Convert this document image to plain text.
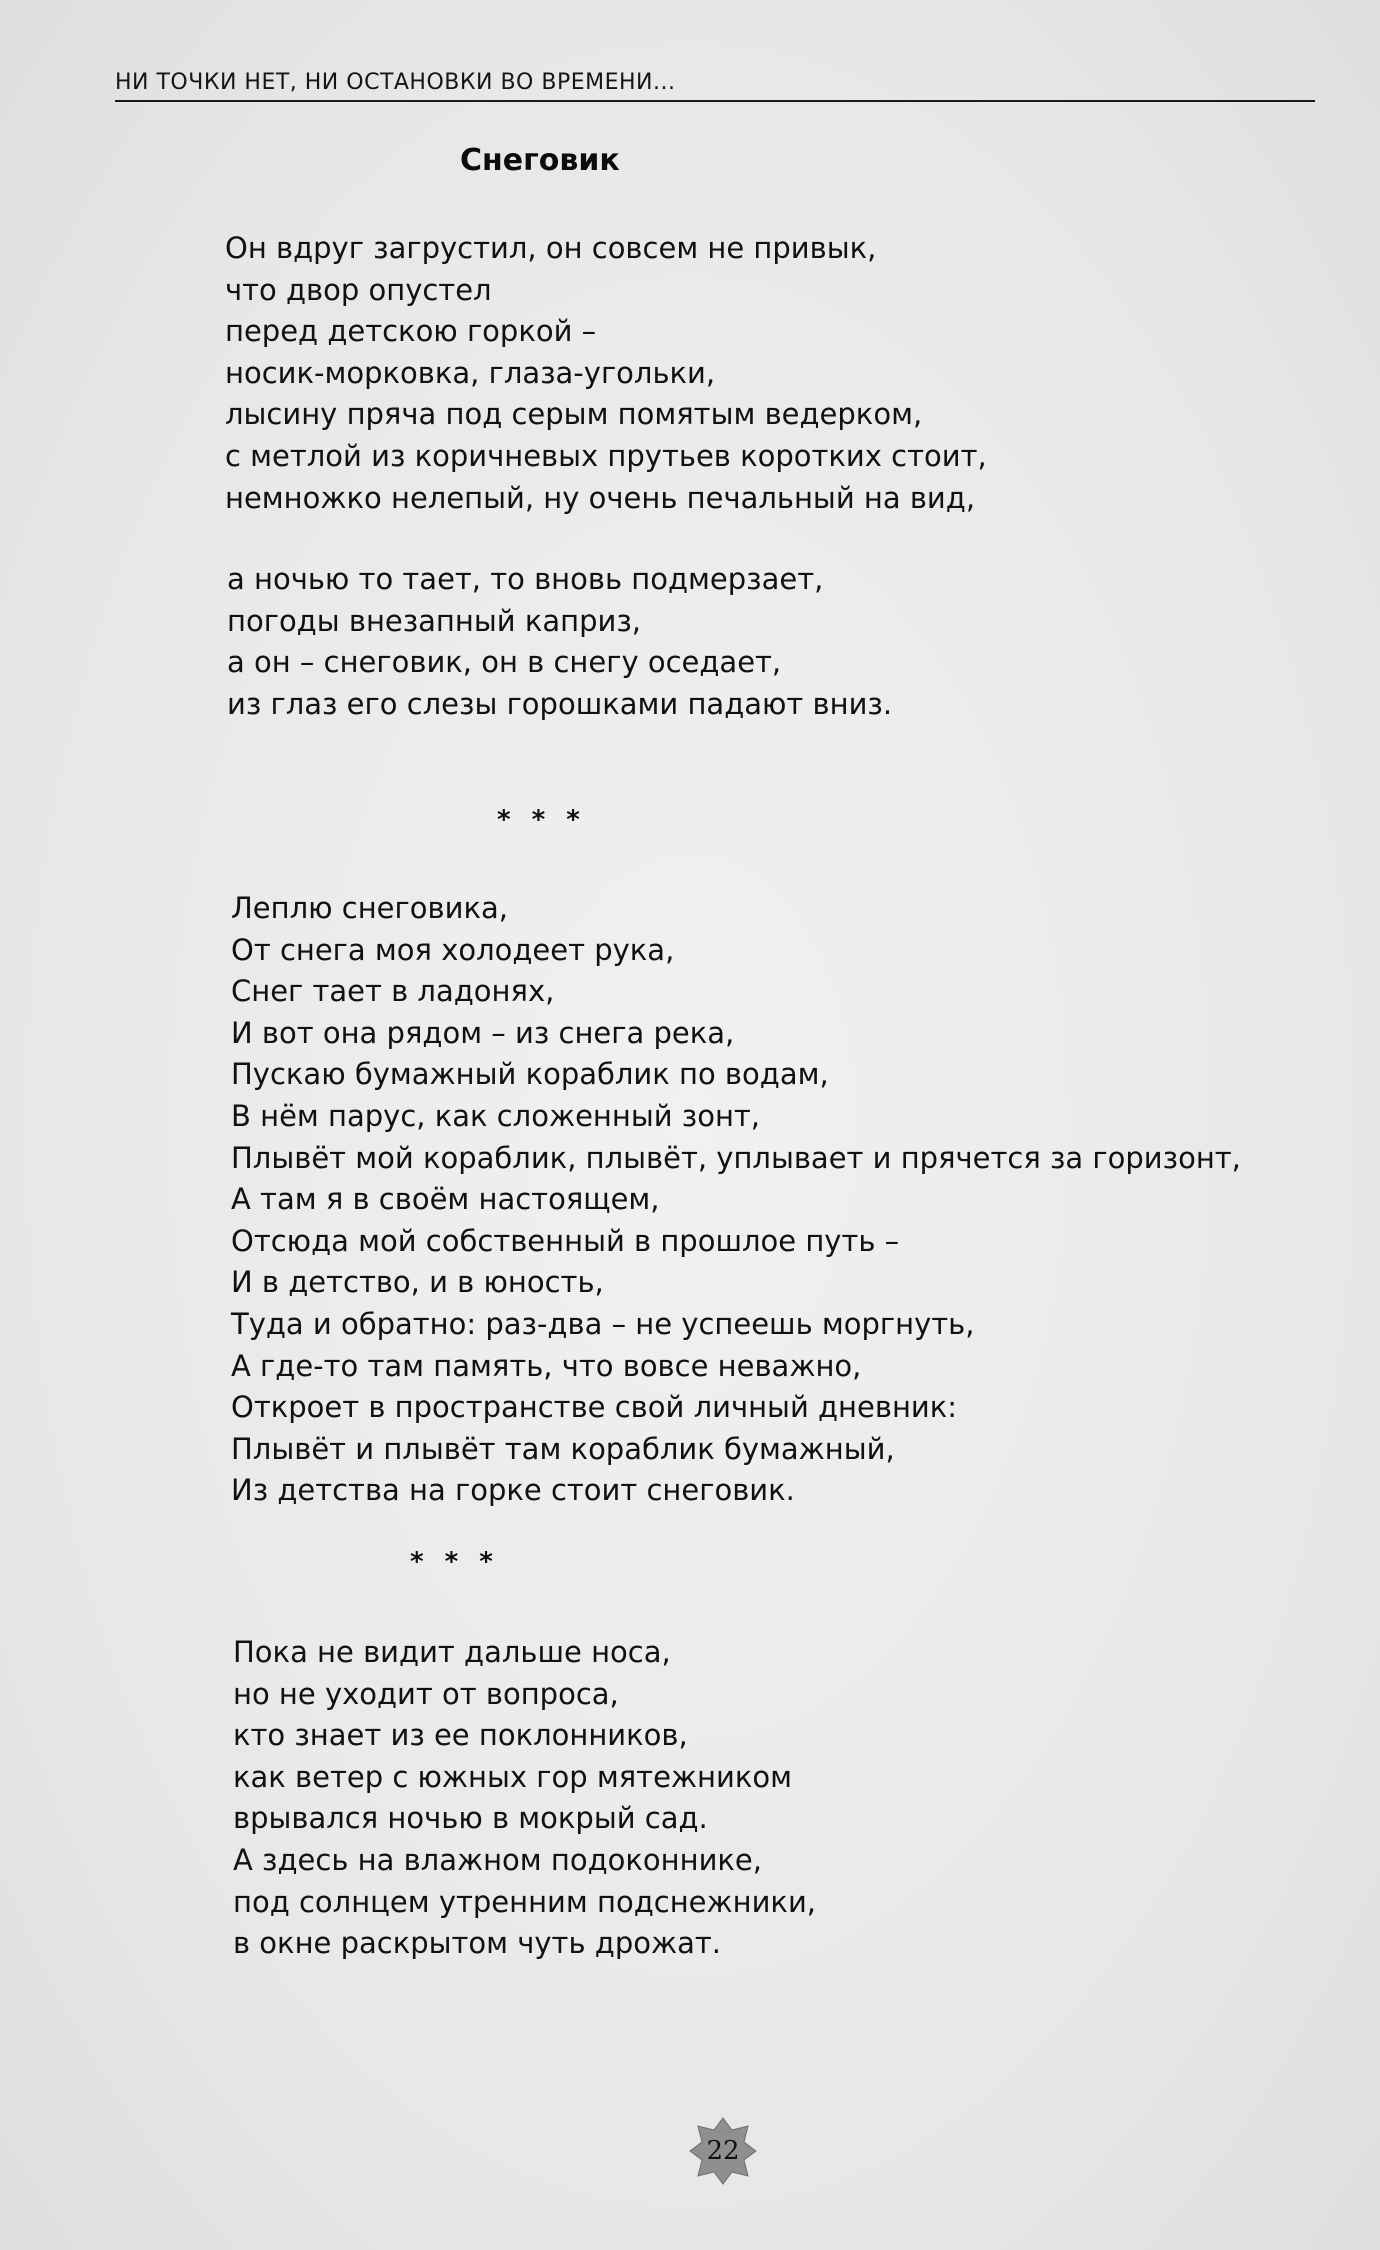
НИ ТОЧКИ НЕТ, НИ ОСТАНОВКИ ВО ВРЕМЕНИ...
Снеговик
Он вдруг загрустил, он совсем не привык,
что двор опустел
перед детскою горкой –
носик-морковка, глаза-угольки,
лысину пряча под серым помятым ведерком,
с метлой из коричневых прутьев коротких стоит,
немножко нелепый, ну очень печальный на вид,
а ночью то тает, то вновь подмерзает,
погоды внезапный каприз,
а он – снеговик, он в снегу оседает,
из глаз его слезы горошками падают вниз.
* * *
Леплю снеговика,
От снега моя холодеет рука,
Снег тает в ладонях,
И вот она рядом – из снега река,
Пускаю бумажный кораблик по водам,
В нём парус, как сложенный зонт,
Плывёт мой кораблик, плывёт, уплывает и прячется за горизонт,
А там я в своём настоящем,
Отсюда мой собственный в прошлое путь –
И в детство, и в юность,
Туда и обратно: раз-два – не успеешь моргнуть,
А где-то там память, что вовсе неважно,
Откроет в пространстве свой личный дневник:
Плывёт и плывёт там кораблик бумажный,
Из детства на горке стоит снеговик.
* * *
Пока не видит дальше носа,
но не уходит от вопроса,
кто знает из ее поклонников,
как ветер с южных гор мятежником
врывался ночью в мокрый сад.
А здесь на влажном подоконнике,
под солнцем утренним подснежники,
в окне раскрытом чуть дрожат.
22
